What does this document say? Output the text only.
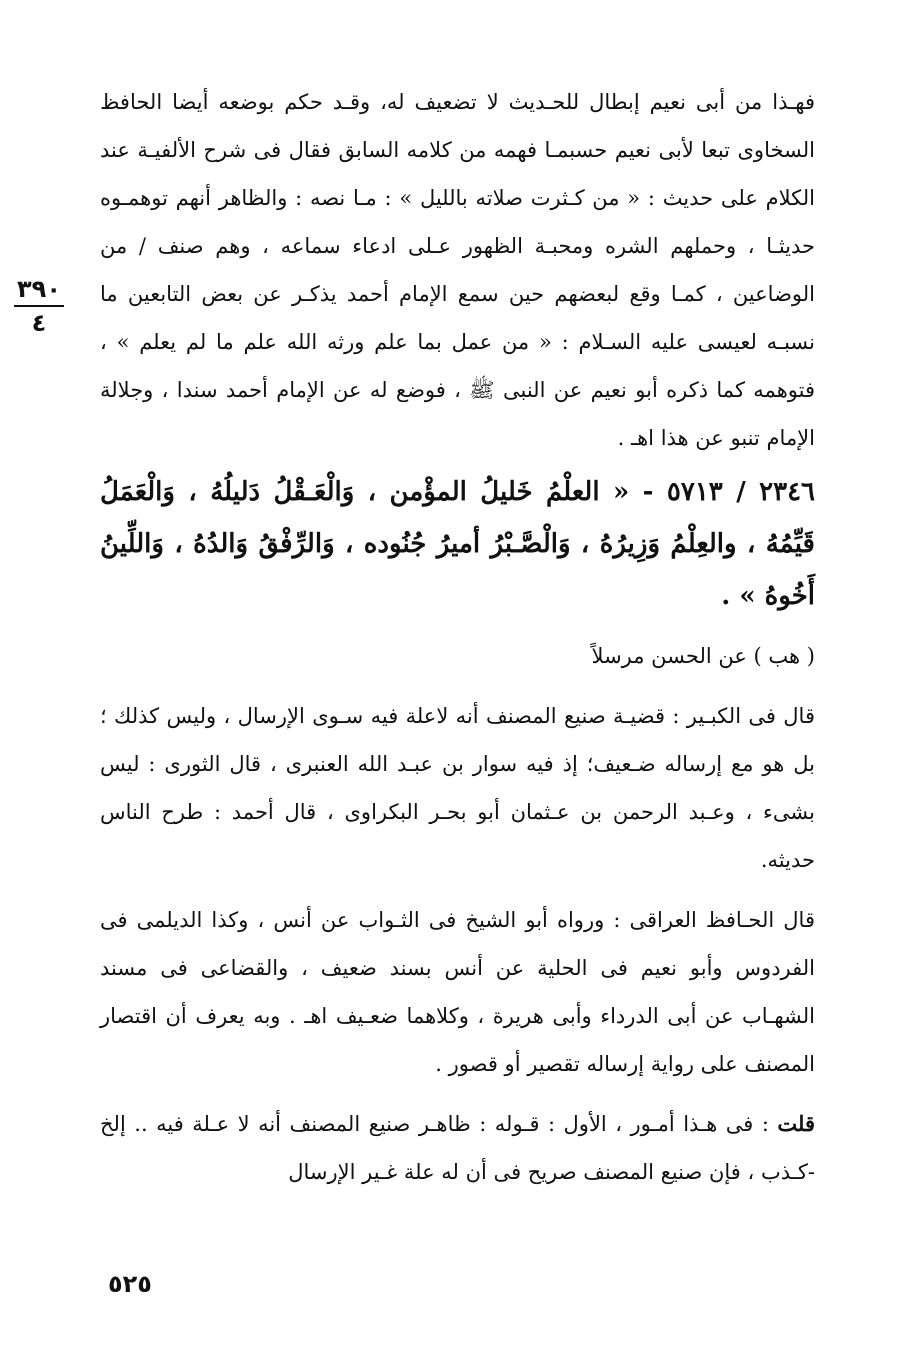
٣٩٠
٤

فهـذا من أبى نعيم إبطال للحـديث لا تضعيف له، وقـد حكم بوضعه أيضا الحافظ السخاوى تبعا لأبى نعيم حسبمـا فهمه من كلامه السابق فقال فى شرح الألفيـة عند الكلام على حديث : « من كـثرت صلاته بالليل » : مـا نصه : والظاهر أنهم توهمـوه حديثـا ، وحملهم الشره ومحبـة الظهور عـلى ادعاء سماعه ، وهم صنف / من الوضاعين ، كمـا وقع لبعضهم حين سمع الإمام أحمد يذكـر عن بعض التابعين ما نسبـه لعيسى عليه السـلام : « من عمل بما علم ورثه الله علم ما لم يعلم » ، فتوهمه كما ذكره أبو نعيم عن النبى ﷺ ، فوضع له عن الإمام أحمد سندا ، وجلالة الإمام تنبو عن هذا اهـ .

٢٣٤٦ / ٥٧١٣ - « العلْمُ خَليلُ المؤْمن ، وَالْعَـقْلُ دَليلُهُ ، وَالْعَمَلُ قَيِّمُهُ ، والعِلْمُ وَزِيرُهُ ، وَالْصَّـبْرُ أميرُ جُنُوده ، وَالرِّفْقُ وَالدُهُ ، وَاللِّينُ أَخُوهُ » .

( هب ) عن الحسن مرسلاً

قال فى الكبـير : قضيـة صنيع المصنف أنه لاعلة فيه سـوى الإرسال ، وليس كذلك ؛ بل هو مع إرساله ضـعيف؛ إذ فيه سوار بن عبـد الله العنبرى ، قال الثورى : ليس بشىء ، وعـبد الرحمن بن عـثمان أبو بحـر البكراوى ، قال أحمد : طرح الناس حديثه.

قال الحـافظ العراقى : ورواه أبو الشيخ فى الثـواب عن أنس ، وكذا الديلمى فى الفردوس وأبو نعيم فى الحلية عن أنس بسند ضعيف ، والقضاعى فى مسند الشهـاب عن أبى الدرداء وأبى هريرة ، وكلاهما ضعـيف اهـ . وبه يعرف أن اقتصار المصنف على رواية إرساله تقصير أو قصور .

قلت : فى هـذا أمـور ، الأول : قـوله : ظاهـر صنيع المصنف أنه لا عـلة فيه .. إلخ -كـذب ، فإن صنيع المصنف صريح فى أن له علة غـير الإرسال

٥٢٥
